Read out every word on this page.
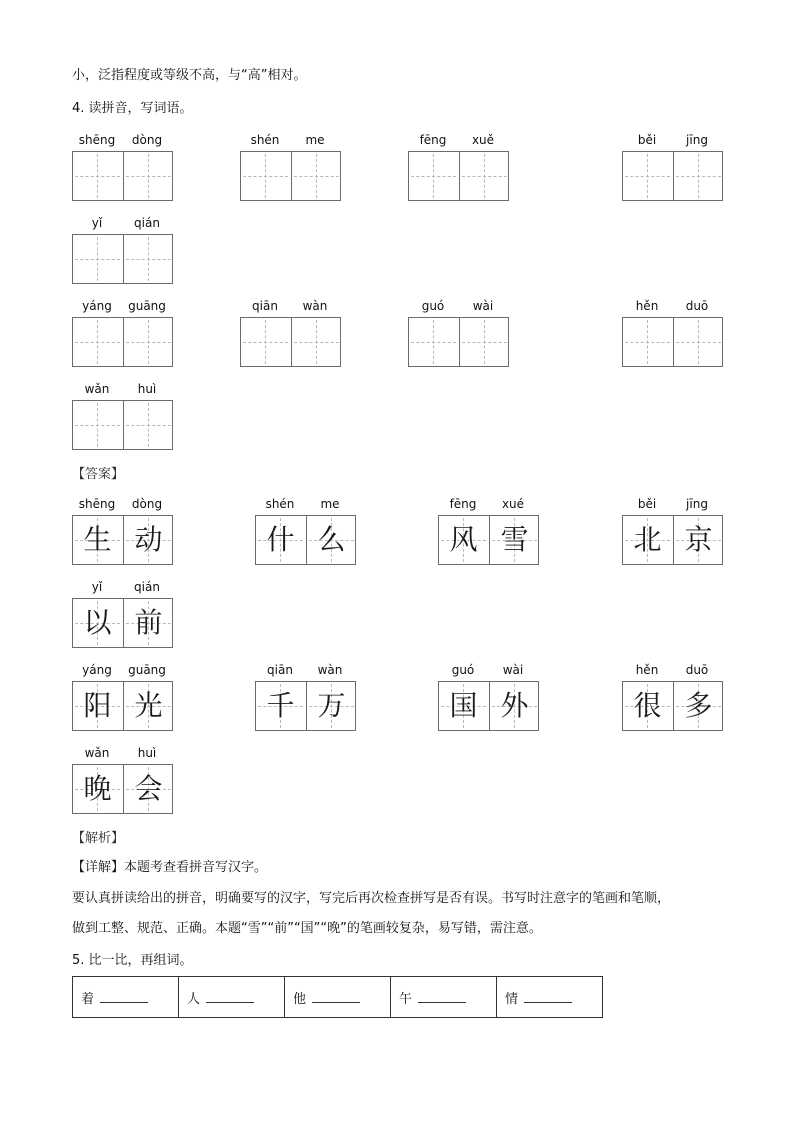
小，泛指程度或等级不高，与“高”相对。
4. 读拼音，写词语。
shēng	dòng	shén	me	fēng	xuě	běi	jīng
yǐ	qián
yáng	guāng	qiān	wàn	guó	wài	hěn	duō
wǎn	huì
【答案】
shēng	dòng
生 动
shén	me
什 么
fēng	xué
风 雪
běi	jīng
北 京
yǐ	qián
以 前
yáng	guāng
阳 光
qiān	wàn
千 万
guó	wài
国 外
hěn	duō
很 多
wǎn	huì
晚 会
【解析】
【详解】本题考查看拼音写汉字。
要认真拼读给出的拼音，明确要写的汉字，写完后再次检查拼写是否有误。书写时注意字的笔画和笔顺，
做到工整、规范、正确。本题“雪”“前”“国”“晚”的笔画较复杂，易写错，需注意。
5. 比一比，再组词。
着	人	他	午	情
